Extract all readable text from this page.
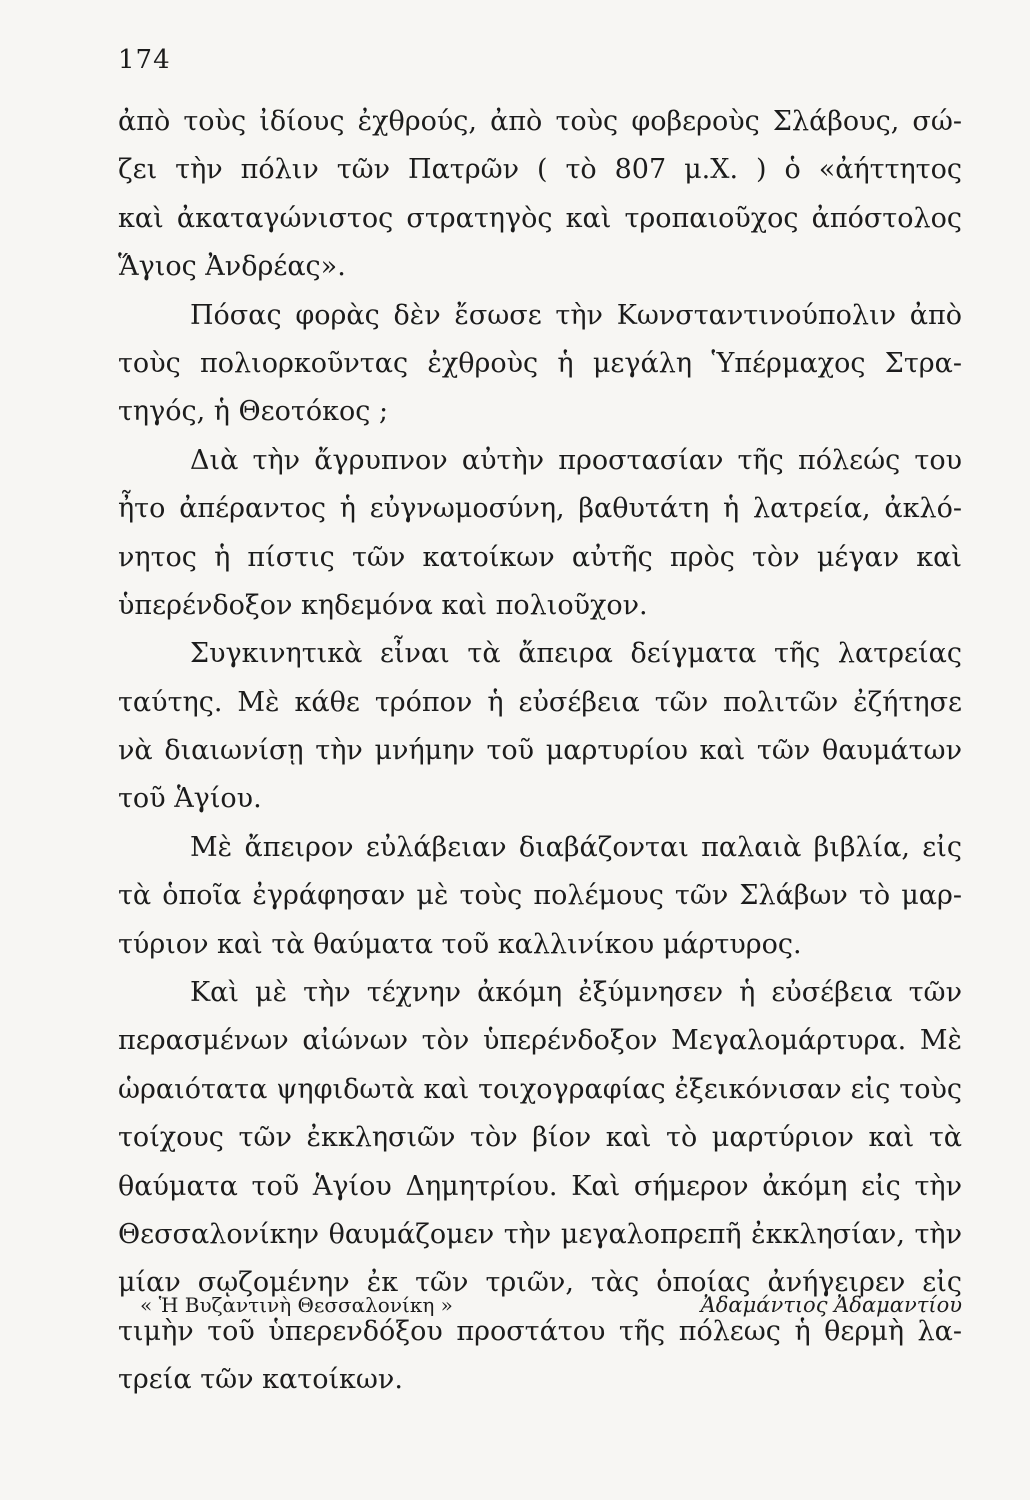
174
ἀπὸ τοὺς ἰδίους ἐχθρούς, ἀπὸ τοὺς φοβεροὺς Σλάβους, σώ-
ζει τὴν πόλιν τῶν Πατρῶν ( τὸ 807 μ.Χ. ) ὁ «ἀήττητος
καὶ ἀκαταγώνιστος στρατηγὸς καὶ τροπαιοῦχος ἀπόστολος
Ἅγιος Ἀνδρέας».
Πόσας φορὰς δὲν ἔσωσε τὴν Κωνσταντινούπολιν ἀπὸ
τοὺς πολιορκοῦντας ἐχθροὺς ἡ μεγάλη Ὑπέρμαχος Στρα-
τηγός, ἡ Θεοτόκος ;
Διὰ τὴν ἄγρυπνον αὐτὴν προστασίαν τῆς πόλεώς του
ἦτο ἀπέραντος ἡ εὐγνωμοσύνη, βαθυτάτη ἡ λατρεία, ἀκλό-
νητος ἡ πίστις τῶν κατοίκων αὐτῆς πρὸς τὸν μέγαν καὶ
ὑπερένδοξον κηδεμόνα καὶ πολιοῦχον.
Συγκινητικὰ εἶναι τὰ ἄπειρα δείγματα τῆς λατρείας
ταύτης. Μὲ κάθε τρόπον ἡ εὐσέβεια τῶν πολιτῶν ἐζήτησε
νὰ διαιωνίσῃ τὴν μνήμην τοῦ μαρτυρίου καὶ τῶν θαυμάτων
τοῦ Ἁγίου.
Μὲ ἄπειρον εὐλάβειαν διαβάζονται παλαιὰ βιβλία, εἰς
τὰ ὁποῖα ἐγράφησαν μὲ τοὺς πολέμους τῶν Σλάβων τὸ μαρ-
τύριον καὶ τὰ θαύματα τοῦ καλλινίκου μάρτυρος.
Καὶ μὲ τὴν τέχνην ἀκόμη ἐξύμνησεν ἡ εὐσέβεια τῶν
περασμένων αἰώνων τὸν ὑπερένδοξον Μεγαλομάρτυρα. Μὲ
ὡραιότατα ψηφιδωτὰ καὶ τοιχογραφίας ἐξεικόνισαν εἰς τοὺς
τοίχους τῶν ἐκκλησιῶν τὸν βίον καὶ τὸ μαρτύριον καὶ τὰ
θαύματα τοῦ Ἁγίου Δημητρίου. Καὶ σήμερον ἀκόμη εἰς τὴν
Θεσσαλονίκην θαυμάζομεν τὴν μεγαλοπρεπῆ ἐκκλησίαν, τὴν
μίαν σῳζομένην ἐκ τῶν τριῶν, τὰς ὁποίας ἀνήγειρεν εἰς
τιμὴν τοῦ ὑπερενδόξου προστάτου τῆς πόλεως ἡ θερμὴ λα-
τρεία τῶν κατοίκων.
« Ἡ Βυζαντινὴ Θεσσαλονίκη »	Ἀδαμάντιος Ἀδαμαντίου
